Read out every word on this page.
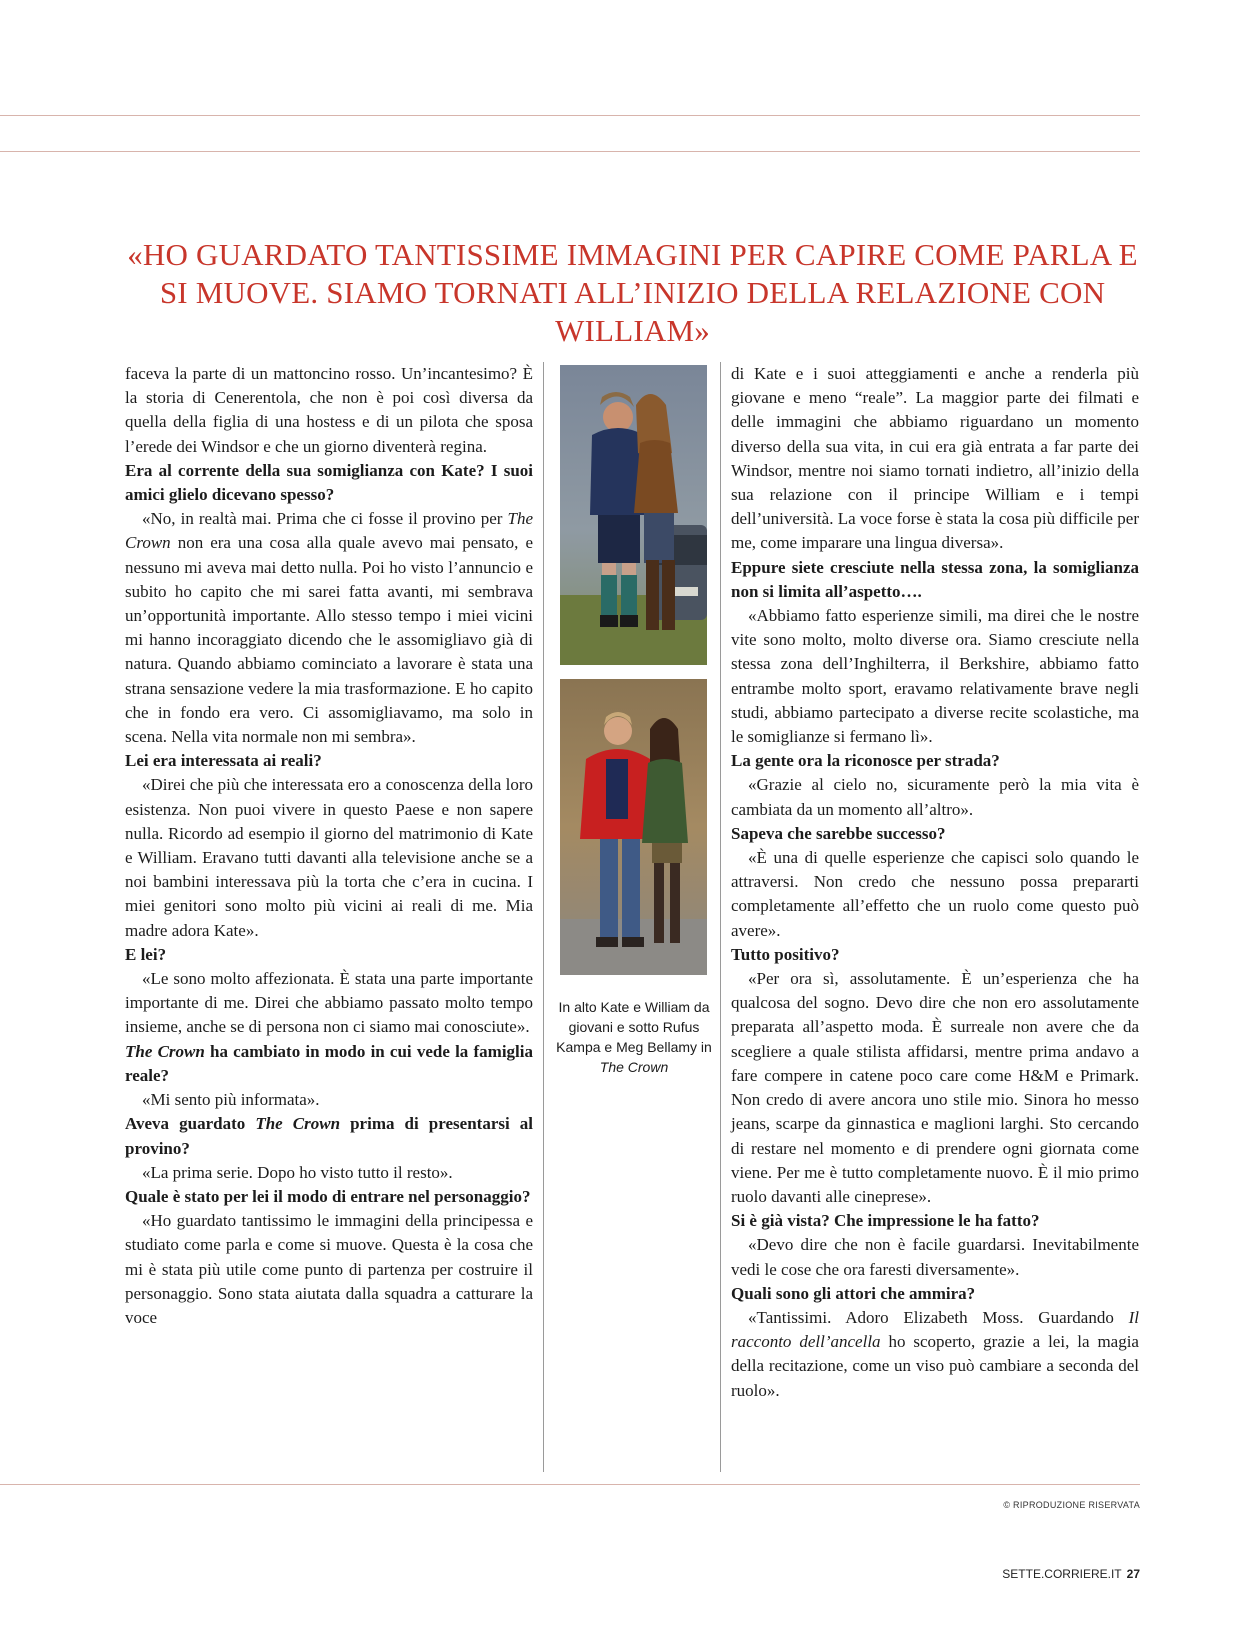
«HO GUARDATO TANTISSIME IMMAGINI PER CAPIRE COME PARLA E SI MUOVE. SIAMO TORNATI ALL’INIZIO DELLA RELAZIONE CON WILLIAM»

faceva la parte di un mattoncino rosso. Un’incantesimo? È la storia di Cenerentola, che non è poi così diversa da quella della figlia di una hostess e di un pilota che sposa l’erede dei Windsor e che un giorno diventerà regina.

Era al corrente della sua somiglianza con Kate? I suoi amici glielo dicevano spesso?

«No, in realtà mai. Prima che ci fosse il provino per The Crown non era una cosa alla quale avevo mai pensato, e nessuno mi aveva mai detto nulla. Poi ho visto l’annuncio e subito ho capito che mi sarei fatta avanti, mi sembrava un’opportunità importante. Allo stesso tempo i miei vicini mi hanno incoraggiato dicendo che le assomigliavo già di natura. Quando abbiamo cominciato a lavorare è stata una strana sensazione vedere la mia trasformazione. E ho capito che in fondo era vero. Ci assomigliavamo, ma solo in scena. Nella vita normale non mi sembra».

Lei era interessata ai reali?

«Direi che più che interessata ero a conoscenza della loro esistenza. Non puoi vivere in questo Paese e non sapere nulla. Ricordo ad esempio il giorno del matrimonio di Kate e William. Eravano tutti davanti alla televisione anche se a noi bambini interessava più la torta che c’era in cucina. I miei genitori sono molto più vicini ai reali di me. Mia madre adora Kate».

E lei?

«Le sono molto affezionata. È stata una parte importante importante di me. Direi che abbiamo passato molto tempo insieme, anche se di persona non ci siamo mai conosciute».

The Crown ha cambiato in modo in cui vede la famiglia reale?

«Mi sento più informata».

Aveva guardato The Crown prima di presentarsi al provino?

«La prima serie. Dopo ho visto tutto il resto».

Quale è stato per lei il modo di entrare nel personaggio?

«Ho guardato tantissimo le immagini della principessa e studiato come parla e come si muove. Questa è la cosa che mi è stata più utile come punto di partenza per costruire il personaggio. Sono stata aiutata dalla squadra a catturare la voce

In alto Kate e William da giovani e sotto Rufus Kampa e Meg Bellamy in The Crown

di Kate e i suoi atteggiamenti e anche a renderla più giovane e meno “reale”. La maggior parte dei filmati e delle immagini che abbiamo riguardano un momento diverso della sua vita, in cui era già entrata a far parte dei Windsor, mentre noi siamo tornati indietro, all’inizio della sua relazione con il principe William e i tempi dell’università. La voce forse è stata la cosa più difficile per me, come imparare una lingua diversa».

Eppure siete cresciute nella stessa zona, la somiglianza non si limita all’aspetto….

«Abbiamo fatto esperienze simili, ma direi che le nostre vite sono molto, molto diverse ora. Siamo cresciute nella stessa zona dell’Inghilterra, il Berkshire, abbiamo fatto entrambe molto sport, eravamo relativamente brave negli studi, abbiamo partecipato a diverse recite scolastiche, ma le somiglianze si fermano lì».

La gente ora la riconosce per strada?

«Grazie al cielo no, sicuramente però la mia vita è cambiata da un momento all’altro».

Sapeva che sarebbe successo?

«È una di quelle esperienze che capisci solo quando le attraversi. Non credo che nessuno possa prepararti completamente all’effetto che un ruolo come questo può avere».

Tutto positivo?

«Per ora sì, assolutamente. È un’esperienza che ha qualcosa del sogno. Devo dire che non ero assolutamente preparata all’aspetto moda. È surreale non avere che da scegliere a quale stilista affidarsi, mentre prima andavo a fare compere in catene poco care come H&M e Primark. Non credo di avere ancora uno stile mio. Sinora ho messo jeans, scarpe da ginnastica e maglioni larghi. Sto cercando di restare nel momento e di prendere ogni giornata come viene. Per me è tutto completamente nuovo. È il mio primo ruolo davanti alle cineprese».

Si è già vista? Che impressione le ha fatto?

«Devo dire che non è facile guardarsi. Inevitabilmente vedi le cose che ora faresti diversamente».

Quali sono gli attori che ammira?

«Tantissimi. Adoro Elizabeth Moss. Guardando Il racconto dell’ancella ho scoperto, grazie a lei, la magia della recitazione, come un viso può cambiare a seconda del ruolo».

© RIPRODUZIONE RISERVATA
SETTE.CORRIERE.IT 27
